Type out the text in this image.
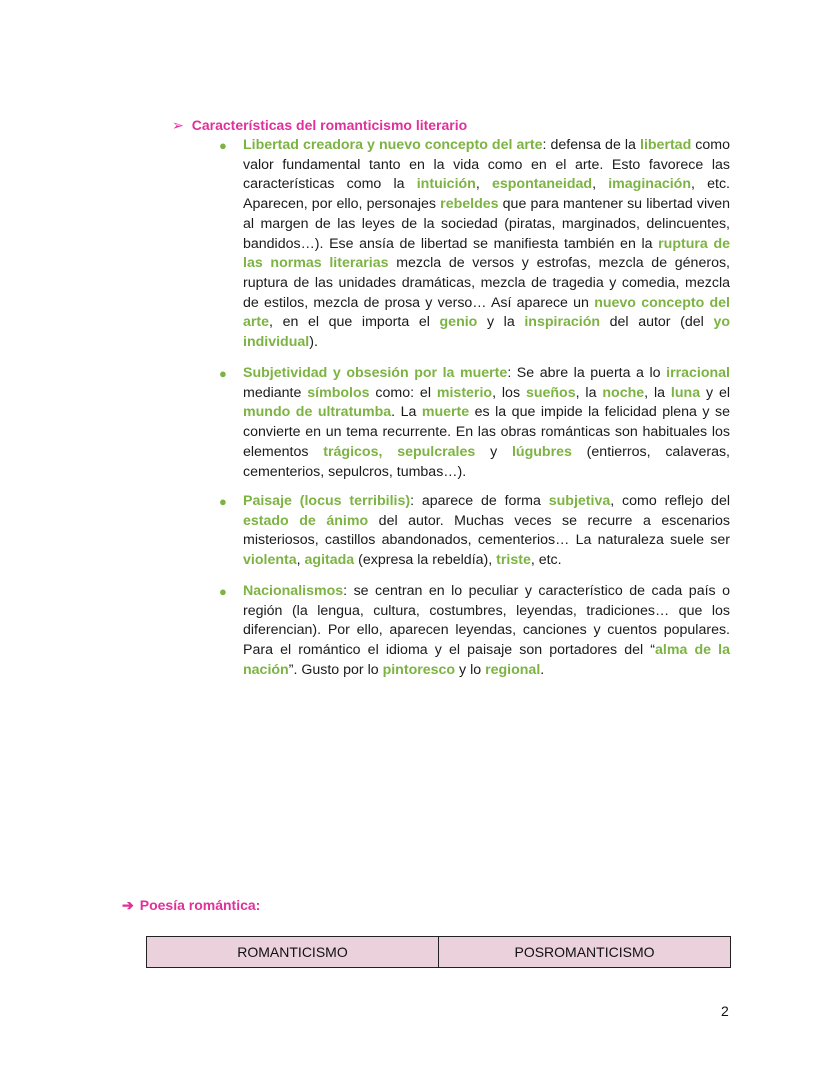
➢ Características del romanticismo literario
● Libertad creadora y nuevo concepto del arte: defensa de la libertad como valor fundamental tanto en la vida como en el arte. Esto favorece las características como la intuición, espontaneidad, imaginación, etc. Aparecen, por ello, personajes rebeldes que para mantener su libertad viven al margen de las leyes de la sociedad (piratas, marginados, delincuentes, bandidos…). Ese ansía de libertad se manifiesta también en la ruptura de las normas literarias mezcla de versos y estrofas, mezcla de géneros, ruptura de las unidades dramáticas, mezcla de tragedia y comedia, mezcla de estilos, mezcla de prosa y verso… Así aparece un nuevo concepto del arte, en el que importa el genio y la inspiración del autor (del yo individual).
● Subjetividad y obsesión por la muerte: Se abre la puerta a lo irracional mediante símbolos como: el misterio, los sueños, la noche, la luna y el mundo de ultratumba. La muerte es la que impide la felicidad plena y se convierte en un tema recurrente. En las obras románticas son habituales los elementos trágicos, sepulcrales y lúgubres (entierros, calaveras, cementerios, sepulcros, tumbas…).
● Paisaje (locus terribilis): aparece de forma subjetiva, como reflejo del estado de ánimo del autor. Muchas veces se recurre a escenarios misteriosos, castillos abandonados, cementerios… La naturaleza suele ser violenta, agitada (expresa la rebeldía), triste, etc.
● Nacionalismos: se centran en lo peculiar y característico de cada país o región (la lengua, cultura, costumbres, leyendas, tradiciones… que los diferencian). Por ello, aparecen leyendas, canciones y cuentos populares. Para el romántico el idioma y el paisaje son portadores del “alma de la nación”. Gusto por lo pintoresco y lo regional.
➔ Poesía romántica:
ROMANTICISMO	POSROMANTICISMO
2
